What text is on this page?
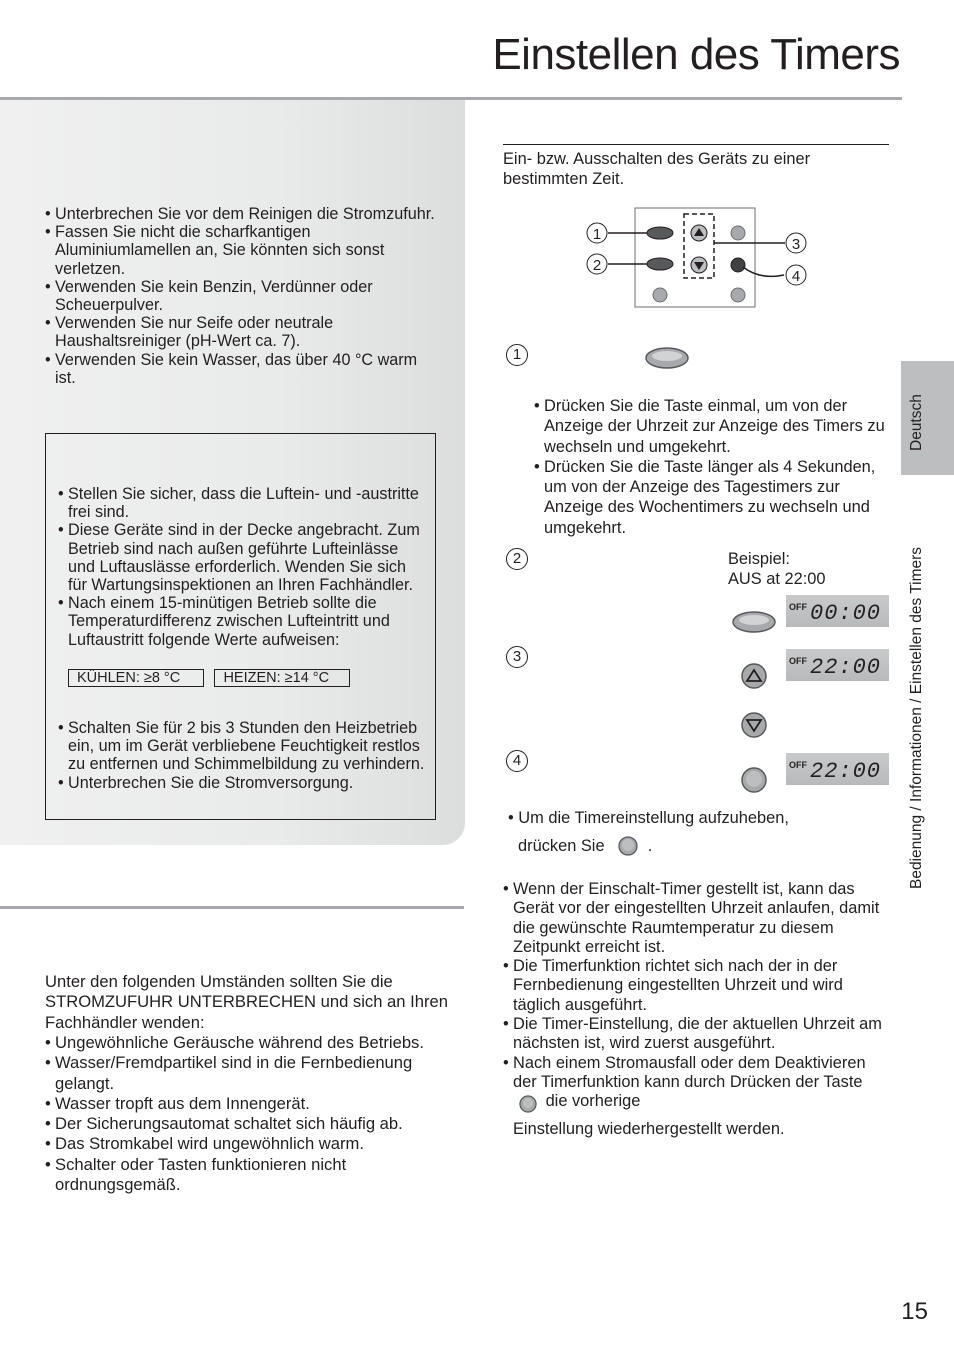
Einstellen des Timers
• Unterbrechen Sie vor dem Reinigen die Stromzufuhr.
• Fassen Sie nicht die scharfkantigen Aluminiumlamellen an, Sie könnten sich sonst verletzen.
• Verwenden Sie kein Benzin, Verdünner oder Scheuerpulver.
• Verwenden Sie nur Seife oder neutrale Haushaltsreiniger (pH-Wert ca. 7).
• Verwenden Sie kein Wasser, das über 40 °C warm ist.
• Stellen Sie sicher, dass die Luftein- und -austritte frei sind.
• Diese Geräte sind in der Decke angebracht. Zum Betrieb sind nach außen geführte Lufteinlässe und Luftauslässe erforderlich. Wenden Sie sich für Wartungsinspektionen an Ihren Fachhändler.
• Nach einem 15-minütigen Betrieb sollte die Temperaturdifferenz zwischen Lufteintritt und Luftaustritt folgende Werte aufweisen:
KÜHLEN: ≥8 °C	HEIZEN: ≥14 °C
• Schalten Sie für 2 bis 3 Stunden den Heizbetrieb ein, um im Gerät verbliebene Feuchtigkeit restlos zu entfernen und Schimmelbildung zu verhindern.
• Unterbrechen Sie die Stromversorgung.
Unter den folgenden Umständen sollten Sie die STROMZUFUHR UNTERBRECHEN und sich an Ihren Fachhändler wenden:
• Ungewöhnliche Geräusche während des Betriebs.
• Wasser/Fremdpartikel sind in die Fernbedienung gelangt.
• Wasser tropft aus dem Innengerät.
• Der Sicherungsautomat schaltet sich häufig ab.
• Das Stromkabel wird ungewöhnlich warm.
• Schalter oder Tasten funktionieren nicht ordnungsgemäß.
Ein- bzw. Ausschalten des Geräts zu einer bestimmten Zeit.
1
2
3
4
1
• Drücken Sie die Taste einmal, um von der Anzeige der Uhrzeit zur Anzeige des Timers zu wechseln und umgekehrt.
• Drücken Sie die Taste länger als 4 Sekunden, um von der Anzeige des Tagestimers zur Anzeige des Wochentimers zu wechseln und umgekehrt.
2	Beispiel:
AUS at 22:00
OFF 00:00
3	OFF 22:00
4	OFF 22:00
• Um die Timereinstellung aufzuheben,
drücken Sie	.
• Wenn der Einschalt-Timer gestellt ist, kann das Gerät vor der eingestellten Uhrzeit anlaufen, damit die gewünschte Raumtemperatur zu diesem Zeitpunkt erreicht ist.
• Die Timerfunktion richtet sich nach der in der Fernbedienung eingestellten Uhrzeit und wird täglich ausgeführt.
• Die Timer-Einstellung, die der aktuellen Uhrzeit am nächsten ist, wird zuerst ausgeführt.
• Nach einem Stromausfall oder dem Deaktivieren der Timerfunktion kann durch Drücken der Taste  die vorherige
Einstellung wiederhergestellt werden.
Deutsch
Bedienung / Informationen / Einstellen des Timers
15
